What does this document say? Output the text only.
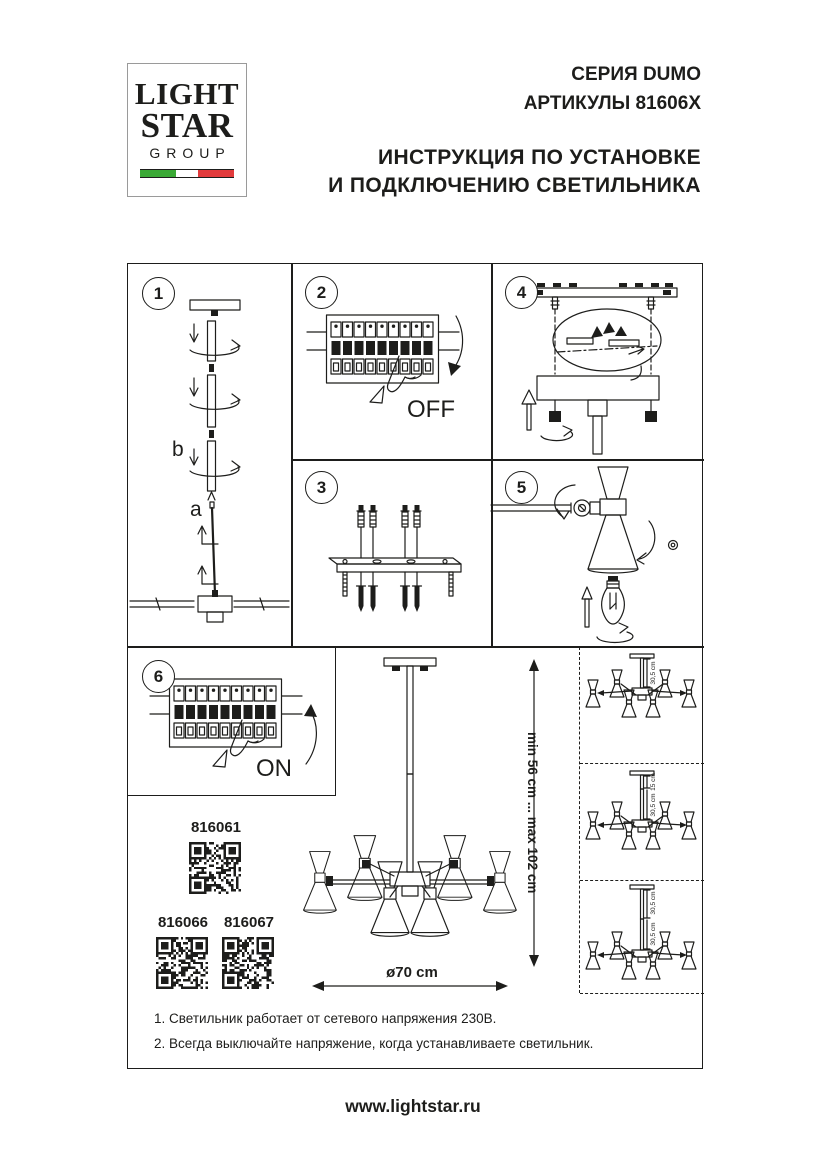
LIGHT
STAR
GROUP
СЕРИЯ DUMO
АРТИКУЛЫ 81606X
ИНСТРУКЦИЯ ПО УСТАНОВКЕ
И ПОДКЛЮЧЕНИЮ СВЕТИЛЬНИКА
1	2
3
4
5
6
b
a
OFF
ON	min 56 cm ... max 102 cm
ø70 cm
30,5 cm
15 cm
30,5 cm
30,5 cm
30,5 cm
816061
816066	816067
1. Светильник работает от сетевого напряжения 230В.
2. Всегда выключайте напряжение, когда устанавливаете светильник.
www.lightstar.ru
